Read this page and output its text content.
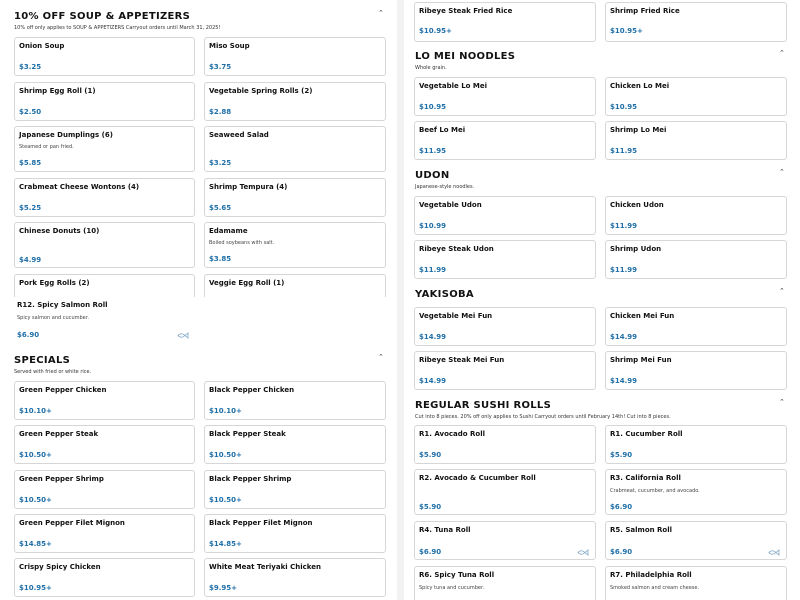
10% OFF SOUP & APPETIZERS	⌃
10% off only applies to SOUP & APPETIZERS Carryout orders until March 31, 2025!
Onion Soup
$3.25
Miso Soup
$3.75
Shrimp Egg Roll (1)
$2.50
Vegetable Spring Rolls (2)
$2.88
Japanese Dumplings (6)
Steamed or pan fried.
$5.85
Seaweed Salad
$3.25
Crabmeat Cheese Wontons (4)
$5.25
Shrimp Tempura (4)
$5.65
Chinese Donuts (10)
$4.99
Edamame
Boiled soybeans with salt.
$3.85
Pork Egg Rolls (2)	Veggie Egg Roll (1)
R12. Spicy Salmon Roll
Spicy salmon and cucumber.
$6.90
SPECIALS	⌃
Served with fried or white rice.
Green Pepper Chicken
$10.10+
Black Pepper Chicken
$10.10+
Green Pepper Steak
$10.50+
Black Pepper Steak
$10.50+
Green Pepper Shrimp
$10.50+
Black Pepper Shrimp
$10.50+
Green Pepper Filet Mignon
$14.85+
Black Pepper Filet Mignon
$14.85+
Crispy Spicy Chicken
$10.95+
White Meat Teriyaki Chicken
$9.95+
Ribeye Steak Fried Rice
$10.95+
Shrimp Fried Rice
$10.95+
LO MEI NOODLES	⌃
Whole grain.
Vegetable Lo Mei
$10.95
Chicken Lo Mei
$10.95
Beef Lo Mei
$11.95
Shrimp Lo Mei
$11.95
UDON	⌃
Japanese-style noodles.
Vegetable Udon
$10.99
Chicken Udon
$11.99
Ribeye Steak Udon
$11.99
Shrimp Udon
$11.99
YAKISOBA	⌃
Vegetable Mei Fun
$14.99
Chicken Mei Fun
$14.99
Ribeye Steak Mei Fun
$14.99
Shrimp Mei Fun
$14.99
REGULAR SUSHI ROLLS	⌃
Cut into 8 pieces. 20% off only applies to Sushi Carryout orders until February 14th! Cut into 8 pieces.
R1. Avocado Roll
$5.90
R1. Cucumber Roll
$5.90
R2. Avocado & Cucumber Roll
$5.90
R3. California Roll
Crabmeat, cucumber, and avocado.
$6.90
R4. Tuna Roll
$6.90
R5. Salmon Roll
$6.90
R6. Spicy Tuna Roll
Spicy tuna and cucumber.
R7. Philadelphia Roll
Smoked salmon and cream cheese.
